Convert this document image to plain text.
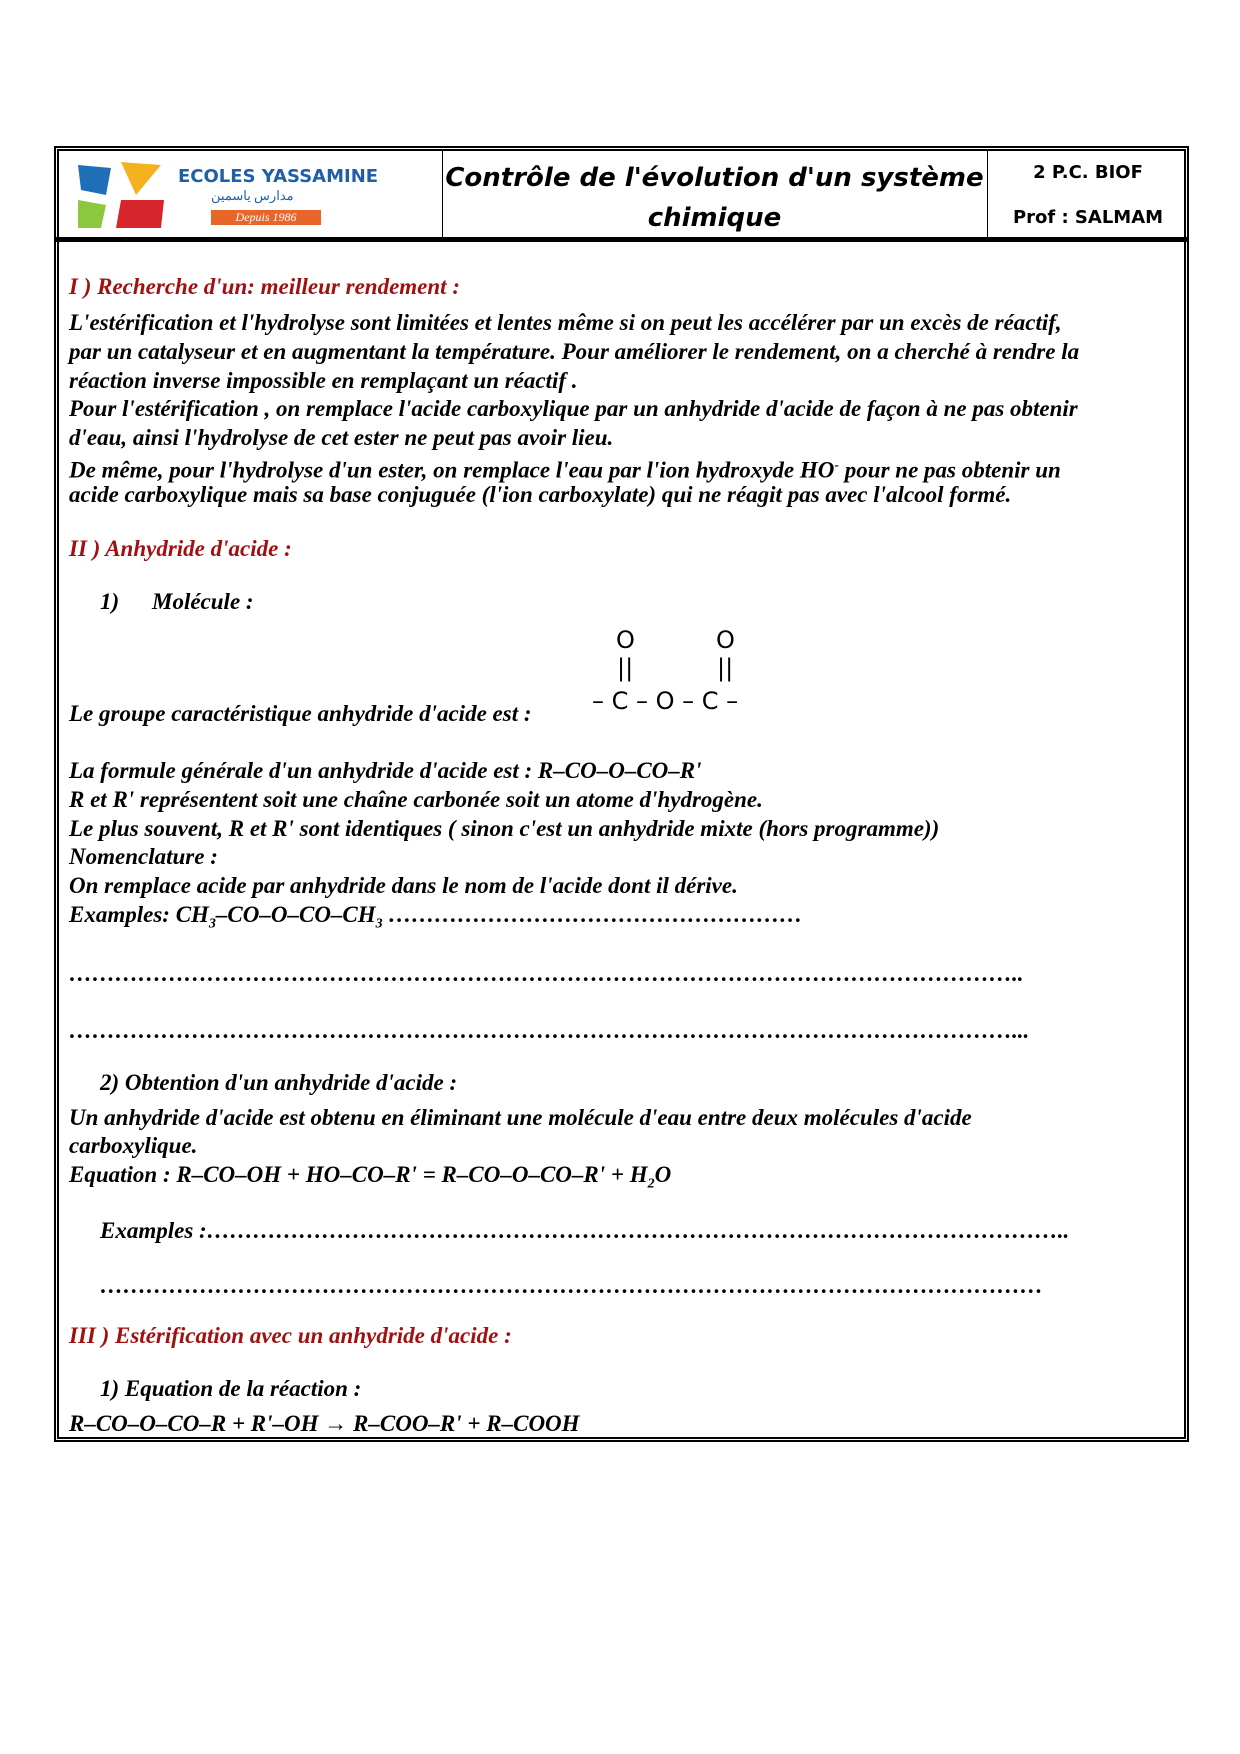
ECOLES YASSAMINE
مدارس ياسمين
Depuis 1986
Contrôle de l'évolution d'un système
chimique
2 P.C. BIOF
Prof : SALMAM
I ) Recherche d'un: meilleur rendement :
L'estérification et l'hydrolyse sont limitées et lentes même si on peut les accélérer par un excès de réactif,
par un catalyseur et en augmentant la température. Pour améliorer le rendement, on a cherché à rendre la
réaction inverse impossible en remplaçant un réactif .
Pour l'estérification , on remplace l'acide carboxylique par un anhydride d'acide de façon à ne pas obtenir
d'eau, ainsi l'hydrolyse de cet ester ne peut pas avoir lieu.
De même, pour l'hydrolyse d'un ester, on remplace l'eau par l'ion hydroxyde HO- pour ne pas obtenir un
acide carboxylique mais sa base conjuguée (l'ion carboxylate) qui ne réagit pas avec l'alcool formé.
II ) Anhydride d'acide :
1) Molécule :
O	O
||	||
– C – O – C –
Le groupe caractéristique anhydride d'acide est :
La formule générale d'un anhydride d'acide est : R–CO–O–CO–R'
R et R' représentent soit une chaîne carbonée soit un atome d'hydrogène.
Le plus souvent, R et R' sont identiques ( sinon c'est un anhydride mixte (hors programme))
Nomenclature :
On remplace acide par anhydride dans le nom de l'acide dont il dérive.
Examples: $CH_3-CO-O-CO-CH_3$ ………………………………………………
……………………………………………………………………………………………………………..
……………………………………………………………………………………………………………...
2) Obtention d'un anhydride d'acide :
Un anhydride d'acide est obtenu en éliminant une molécule d'eau entre deux molécules d'acide
carboxylique.
Equation : $R-CO-OH + HO-CO-R' = R-CO-O-CO-R' + H_2O$
Examples :…………………………………………………………………………………………………..
……………………………………………………………………………………………………………
III ) Estérification avec un anhydride d'acide :
1) Equation de la réaction :
R–CO–O–CO–R + R'–OH → R–COO–R' + R–COOH
